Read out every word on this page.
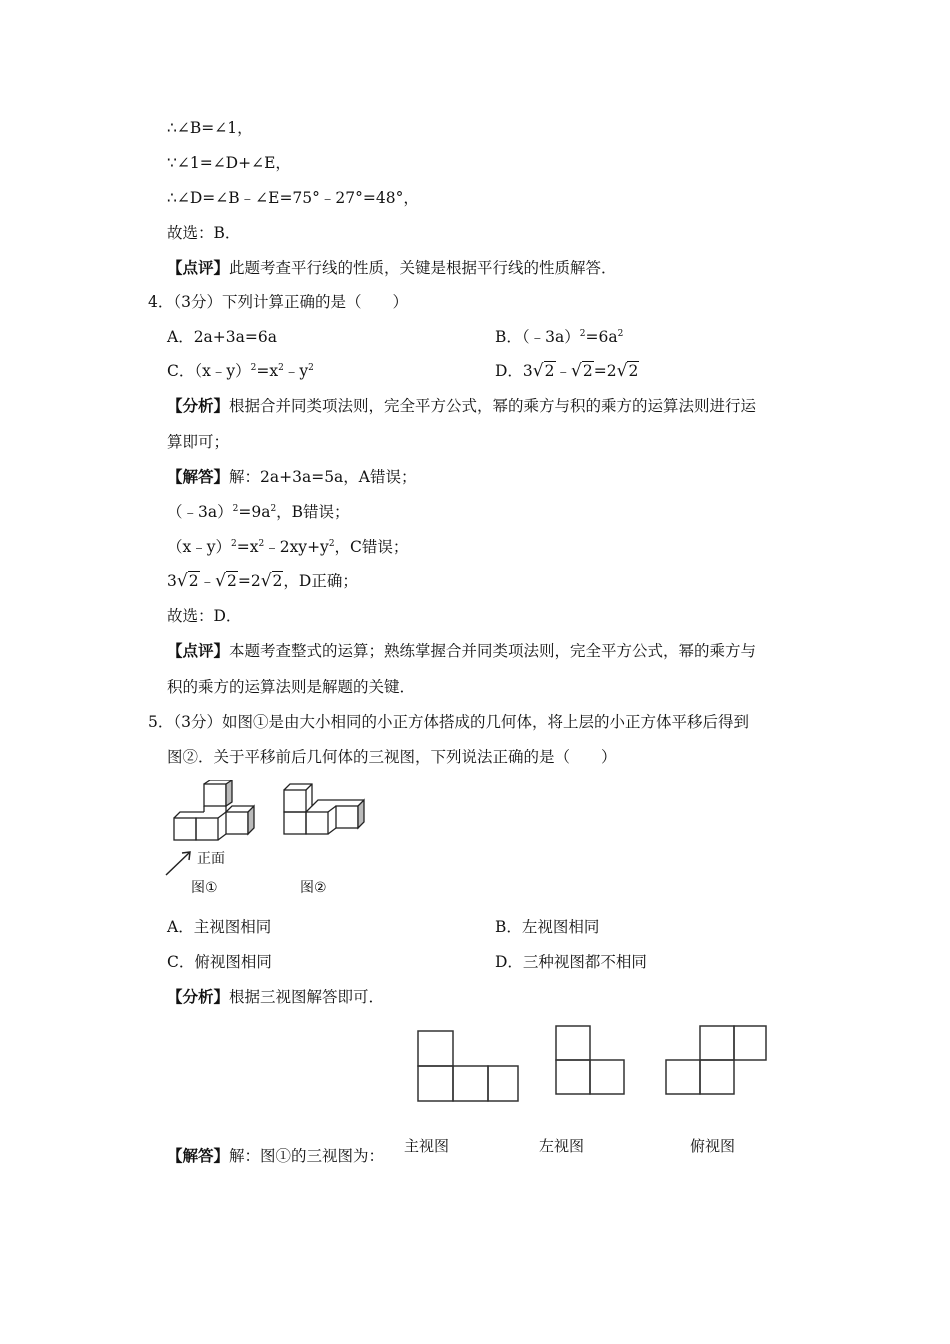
∴∠B=∠1，
∵∠1=∠D+∠E，
∴∠D=∠B﹣∠E=75°﹣27°=48°，
故选：B．
【点评】此题考查平行线的性质，关键是根据平行线的性质解答．
4．（3分）下列计算正确的是（　　）
A．2a+3a=6a	B．$(﹣3a)^2=6a^2$
C．$(x﹣y)^2=x^2﹣y^2$	D．3√2﹣√2=2√2
【分析】根据合并同类项法则，完全平方公式，幂的乘方与积的乘方的运算法则进行运
算即可；
【解答】解：2a+3a=5a，A错误；
$(﹣3a)^2=9a^2$，B错误；
$(x﹣y)^2=x^2﹣2xy+y^2$，C错误；
3√2﹣√2=2√2，D正确；
故选：D．
【点评】本题考查整式的运算；熟练掌握合并同类项法则，完全平方公式，幂的乘方与
积的乘方的运算法则是解题的关键．
5．（3分）如图①是由大小相同的小正方体搭成的几何体，将上层的小正方体平移后得到
图②．关于平移前后几何体的三视图，下列说法正确的是（　　）
正面
图①	图②
A．主视图相同	B．左视图相同
C．俯视图相同	D．三种视图都不相同
【分析】根据三视图解答即可．
主视图	左视图	俯视图
【解答】解：图①的三视图为：
